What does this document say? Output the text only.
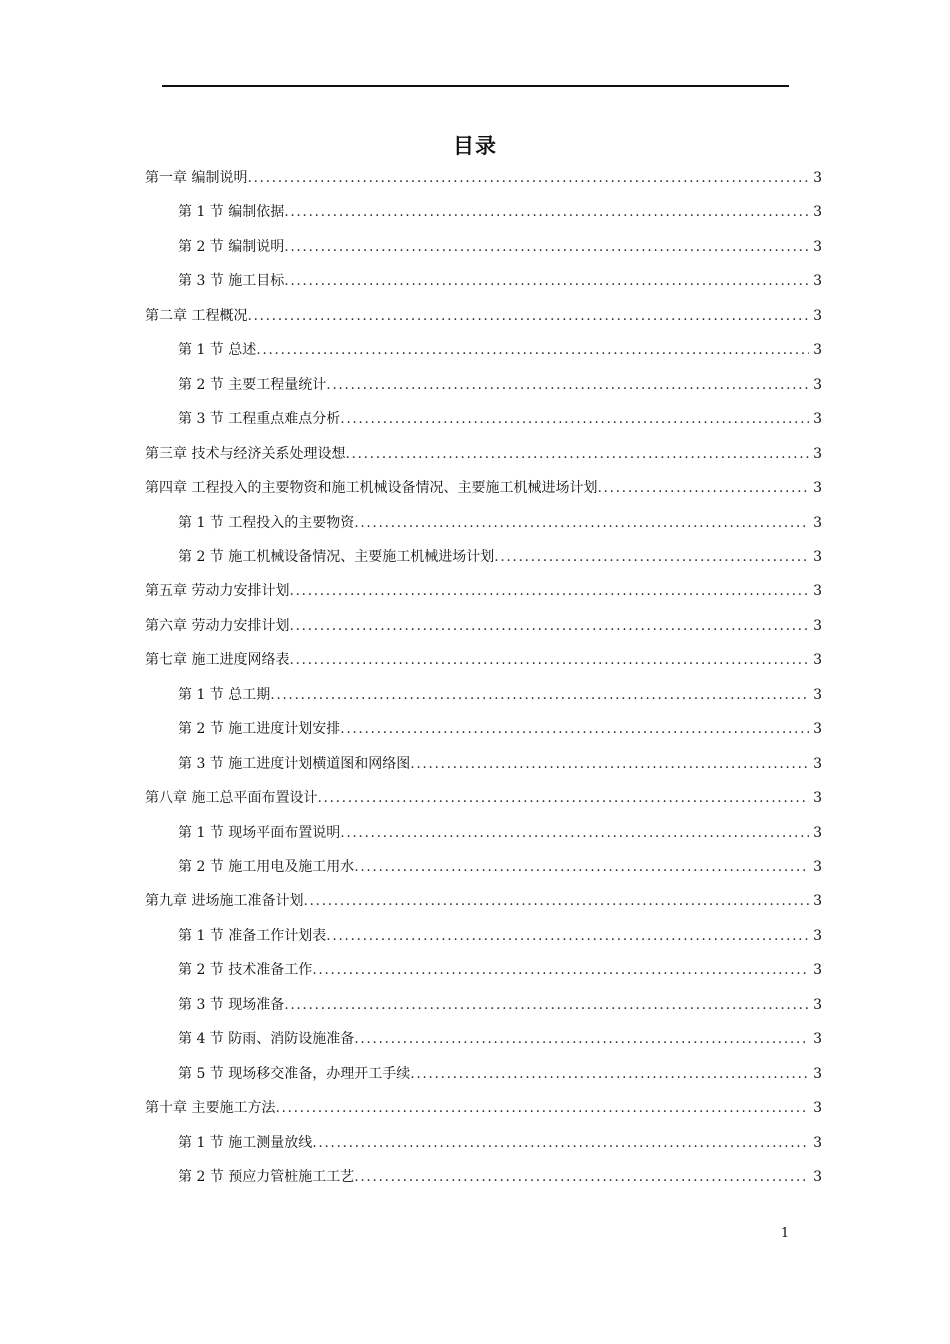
目录
第一章 编制说明 .....	3
第 1 节 编制依据 .....	3
第 2 节 编制说明 .....	3
第 3 节 施工目标 .....	3
第二章 工程概况 .....	3
第 1 节 总述 .....	3
第 2 节 主要工程量统计 .....	3
第 3 节 工程重点难点分析 .....	3
第三章 技术与经济关系处理设想 .....	3
第四章 工程投入的主要物资和施工机械设备情况、主要施工机械进场计划 .....	3
第 1 节 工程投入的主要物资 .....	3
第 2 节 施工机械设备情况、主要施工机械进场计划 .....	3
第五章 劳动力安排计划 .....	3
第六章 劳动力安排计划 .....	3
第七章 施工进度网络表 .....	3
第 1 节 总工期 .....	3
第 2 节 施工进度计划安排 .....	3
第 3 节 施工进度计划横道图和网络图 .....	3
第八章 施工总平面布置设计 .....	3
第 1 节 现场平面布置说明 .....	3
第 2 节 施工用电及施工用水 .....	3
第九章 进场施工准备计划 .....	3
第 1 节 准备工作计划表 .....	3
第 2 节 技术准备工作 .....	3
第 3 节 现场准备 .....	3
第 4 节 防雨、消防设施准备 .....	3
第 5 节 现场移交准备，办理开工手续 .....	3
第十章 主要施工方法 .....	3
第 1 节 施工测量放线 .....	3
第 2 节 预应力管桩施工工艺 .....	3
1
